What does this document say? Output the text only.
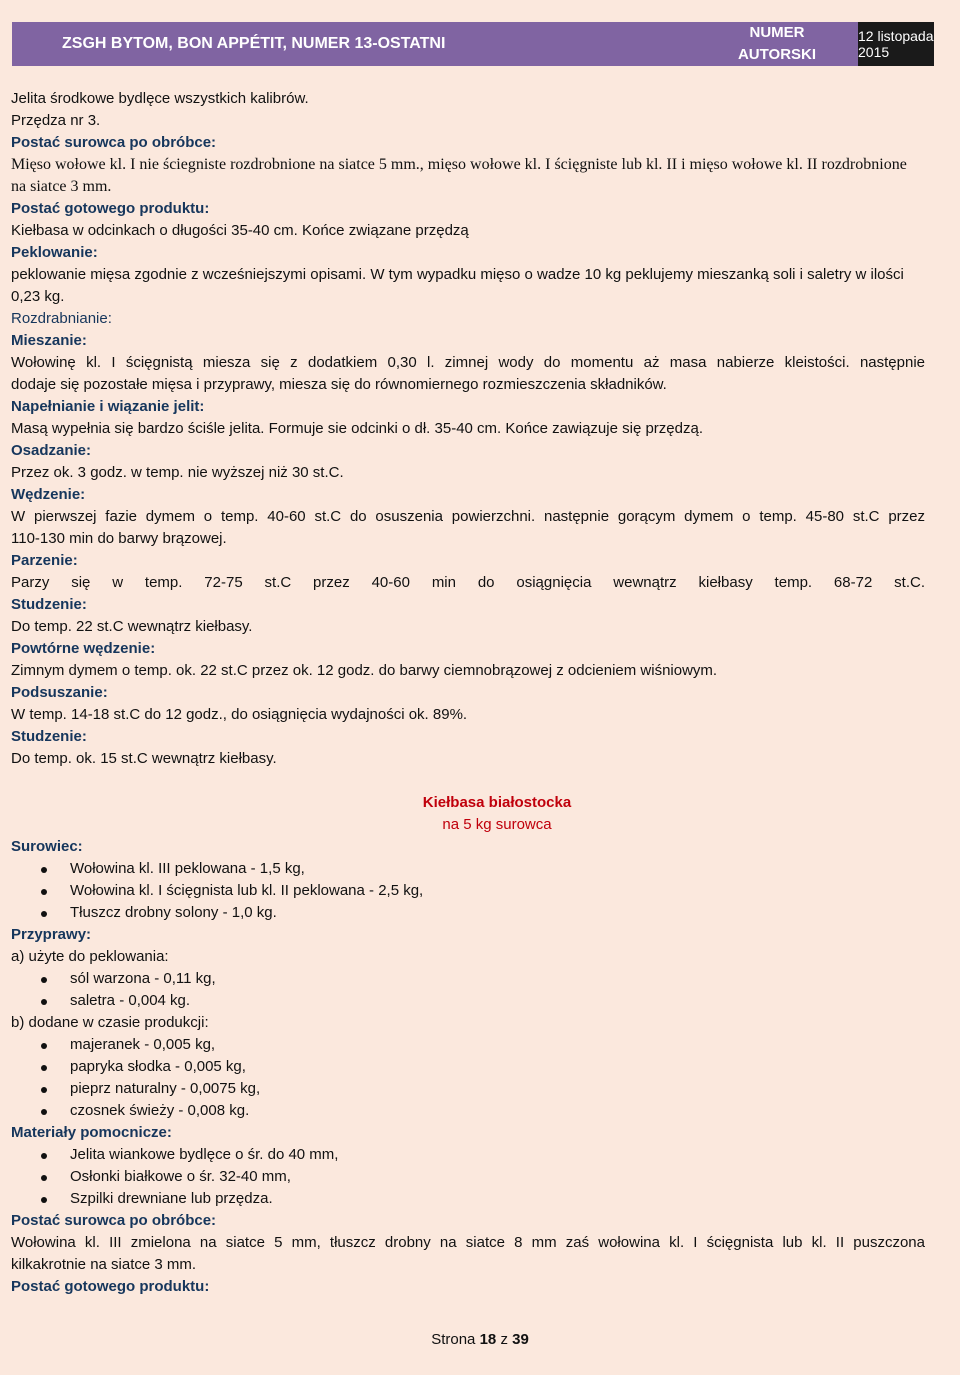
ZSGH BYTOM, BON APPÉTIT, NUMER 13-OSTATNI
NUMER
AUTORSKI
12 listopada 2015
Jelita środkowe bydlęce wszystkich kalibrów.
Przędza nr 3.
Postać surowca po obróbce:
Mięso wołowe kl. I nie ściegniste rozdrobnione na siatce 5 mm., mięso wołowe kl. I ścięgniste lub kl. II i mięso wołowe kl. II rozdrobnione na siatce 3 mm.
Postać gotowego produktu:
Kiełbasa w odcinkach o długości 35-40 cm. Końce związane przędzą
Peklowanie:
peklowanie mięsa zgodnie z wcześniejszymi opisami. W tym wypadku mięso o wadze 10 kg peklujemy mieszanką soli i saletry w ilości 0,23 kg.
Rozdrabnianie:
Mieszanie:
Wołowinę kl. I ścięgnistą miesza się z dodatkiem 0,30 l. zimnej wody do momentu aż masa nabierze kleistości. następnie
dodaje się pozostałe mięsa i przyprawy, miesza się do równomiernego rozmieszczenia składników.
Napełnianie i wiązanie jelit:
Masą wypełnia się bardzo ściśle jelita. Formuje sie odcinki o dł. 35-40 cm. Końce zawiązuje się przędzą.
Osadzanie:
Przez ok. 3 godz. w temp. nie wyższej niż 30 st.C.
Wędzenie:
W pierwszej fazie dymem o temp. 40-60 st.C do osuszenia powierzchni. następnie gorącym dymem o temp. 45-80 st.C przez
110-130 min do barwy brązowej.
Parzenie:
Parzy się w temp. 72-75 st.C przez 40-60 min do osiągnięcia wewnątrz kiełbasy temp. 68-72 st.C.
Studzenie:
Do temp. 22 st.C wewnątrz kiełbasy.
Powtórne wędzenie:
Zimnym dymem o temp. ok. 22 st.C przez ok. 12 godz. do barwy ciemnobrązowej z odcieniem wiśniowym.
Podsuszanie:
W temp. 14-18 st.C do 12 godz., do osiągnięcia wydajności ok. 89%.
Studzenie:
Do temp. ok. 15 st.C wewnątrz kiełbasy.
Kiełbasa białostocka
na 5 kg surowca
Surowiec:
Wołowina kl. III peklowana - 1,5 kg,
Wołowina kl. I ścięgnista lub kl. II peklowana - 2,5 kg,
Tłuszcz drobny solony - 1,0 kg.
Przyprawy:
a) użyte do peklowania:
sól warzona - 0,11 kg,
saletra - 0,004 kg.
b) dodane w czasie produkcji:
majeranek - 0,005 kg,
papryka słodka - 0,005 kg,
pieprz naturalny - 0,0075 kg,
czosnek świeży - 0,008 kg.
Materiały pomocnicze:
Jelita wiankowe bydlęce o śr. do 40 mm,
Osłonki białkowe o śr. 32-40 mm,
Szpilki drewniane lub przędza.
Postać surowca po obróbce:
Wołowina kl. III zmielona na siatce 5 mm, tłuszcz drobny na siatce 8 mm zaś wołowina kl. I ścięgnista lub kl. II puszczona
kilkakrotnie na siatce 3 mm.
Postać gotowego produktu:
Strona 18 z 39
